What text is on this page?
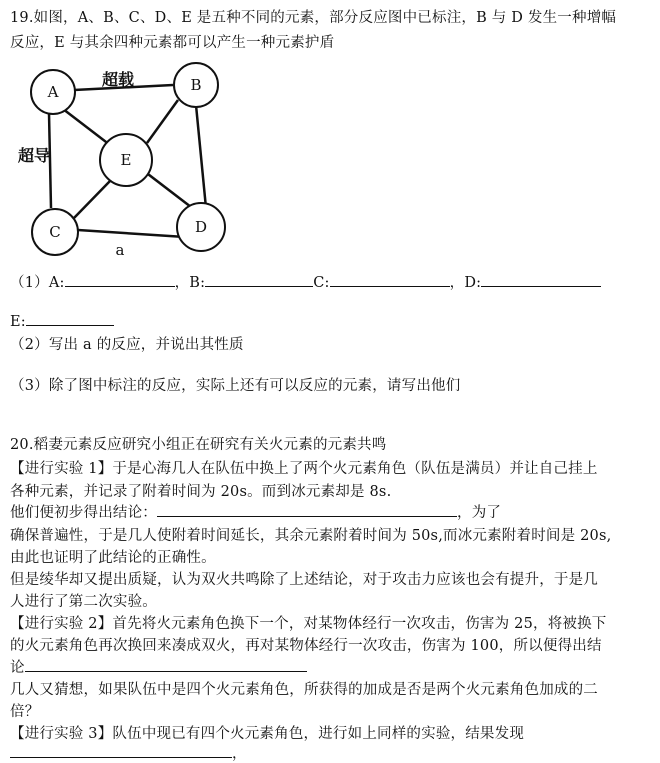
19.如图，A、B、C、D、E 是五种不同的元素，部分反应图中已标注，B 与 D 发生一种增幅
反应，E 与其余四种元素都可以产生一种元素护盾
A	B
E
C	D
超载
超导
a
（1）A:	，B:	C:	，D:
E:
（2）写出 a 的反应，并说出其性质
（3）除了图中标注的反应，实际上还有可以反应的元素，请写出他们
20.稻妻元素反应研究小组正在研究有关火元素的元素共鸣
【进行实验 1】于是心海几人在队伍中换上了两个火元素角色（队伍是满员）并让自己挂上
各种元素，并记录了附着时间为 20s。而到冰元素却是 8s.
他们便初步得出结论：	，为了
确保普遍性，于是几人使附着时间延长，其余元素附着时间为 50s,而冰元素附着时间是 20s,
由此也证明了此结论的正确性。
但是绫华却又提出质疑，认为双火共鸣除了上述结论，对于攻击力应该也会有提升，于是几
人进行了第二次实验。
【进行实验 2】首先将火元素角色换下一个，对某物体经行一次攻击，伤害为 25，将被换下
的火元素角色再次换回来凑成双火，再对某物体经行一次攻击，伤害为 100，所以便得出结
论
几人又猜想，如果队伍中是四个火元素角色，所获得的加成是否是两个火元素角色加成的二
倍？
【进行实验 3】队伍中现已有四个火元素角色，进行如上同样的实验，结果发现
，
